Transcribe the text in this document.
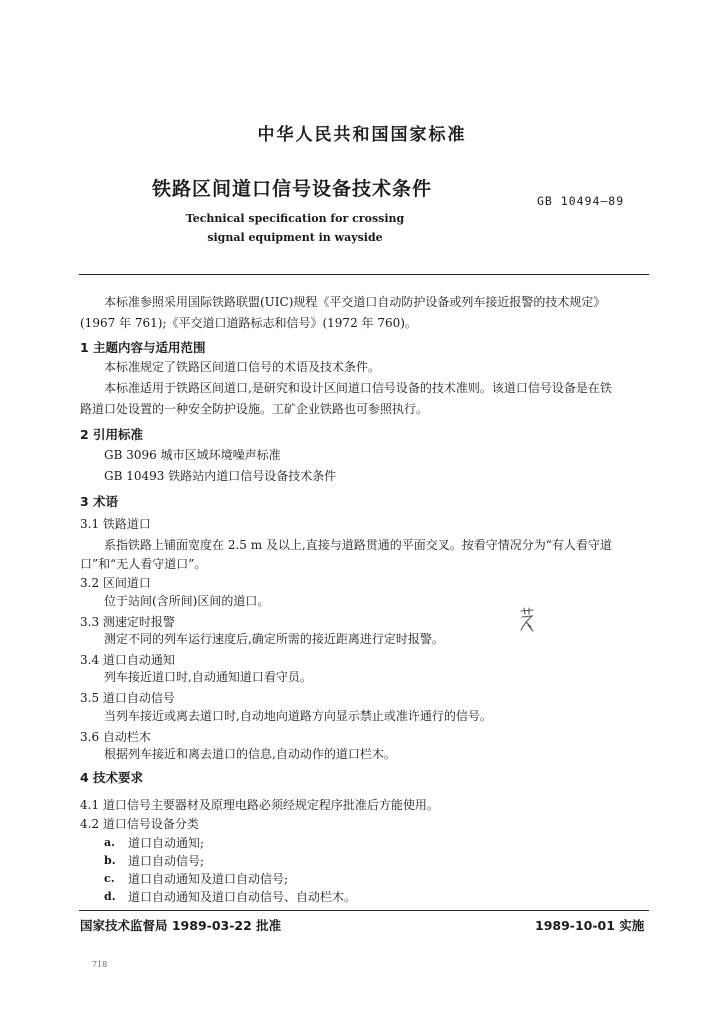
中华人民共和国国家标准
铁路区间道口信号设备技术条件
GB 10494—89
Technical specification for crossing
signal equipment in wayside
本标准参照采用国际铁路联盟(UIC)规程《平交道口自动防护设备或列车接近报警的技术规定》
(1967 年 761);《平交道口道路标志和信号》(1972 年 760)。
1 主题内容与适用范围
本标准规定了铁路区间道口信号的术语及技术条件。
本标准适用于铁路区间道口,是研究和设计区间道口信号设备的技术准则。该道口信号设备是在铁
路道口处设置的一种安全防护设施。工矿企业铁路也可参照执行。
2 引用标准
GB 3096 城市区域环境噪声标准
GB 10493 铁路站内道口信号设备技术条件
3 术语
3.1 铁路道口
系指铁路上铺面宽度在 2.5 m 及以上,直接与道路贯通的平面交叉。按看守情况分为“有人看守道
口”和“无人看守道口”。
3.2 区间道口
位于站间(含所间)区间的道口。
3.3 测速定时报警
测定不同的列车运行速度后,确定所需的接近距离进行定时报警。
3.4 道口自动通知
列车接近道口时,自动通知道口看守员。
3.5 道口自动信号
当列车接近或离去道口时,自动地向道路方向显示禁止或准许通行的信号。
3.6 自动栏木
根据列车接近和离去道口的信息,自动动作的道口栏木。
4 技术要求
4.1 道口信号主要器材及原理电路必须经规定程序批准后方能使用。
4.2 道口信号设备分类
a. 道口自动通知;
b. 道口自动信号;
c. 道口自动通知及道口自动信号;
d. 道口自动通知及道口自动信号、自动栏木。
国家技术监督局 1989-03-22 批准	1989-10-01 实施
718
